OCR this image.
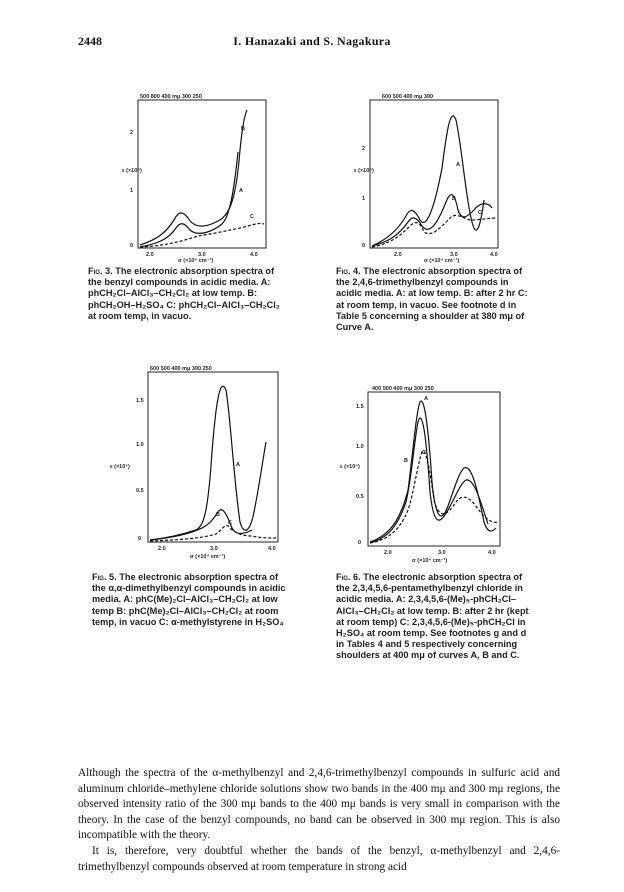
2448	I. Hanazaki and S. Nagakura
500 800 400 mμ 300 250
ε (×10⁴)
2
1
0
2.0	3.0	4.0
σ (×10⁴ cm⁻¹)
B
A
C
Fig. 3. The electronic absorption spectra of the benzyl compounds in acidic media. A: phCH₂Cl–AlCl₃–CH₂Cl₂ at low temp. B: phCH₂OH–H₂SO₄ C: phCH₂Cl–AlCl₃–CH₂Cl₂ at room temp, in vacuo.
600 500 400 mμ 300
ε (×10⁴)
2
1
0
2.0	3.0	4.0
σ (×10⁴ cm⁻¹)
A
B
C
Fig. 4. The electronic absorption spectra of the 2,4,6-trimethylbenzyl compounds in acidic media. A: at low temp. B: after 2 hr C: at room temp, in vacuo. See footnote d in Table 5 concerning a shoulder at 380 mμ of Curve A.
600 500 400 mμ 300 250
ε (×10⁴)
1.5
1.0
0.5
0
2.0	3.0	4.0
σ (×10⁴ cm⁻¹)
A
B
C
Fig. 5. The electronic absorption spectra of the α,α-dimethylbenzyl compounds in acidic media. A: phC(Me)₂Cl–AlCl₃–CH₂Cl₂ at low temp B: phC(Me)₂Cl–AlCl₃–CH₂Cl₂ at room temp, in vacuo C: α-methylstyrene in H₂SO₄
400 500 400 mμ 300 250
ε (×10⁴)
1.5
1.0
0.5
0
2.0	3.0	4.0
σ (×10⁴ cm⁻¹)
A
B
C
Fig. 6. The electronic absorption spectra of the 2,3,4,5,6-pentamethylbenzyl chloride in acidic media. A: 2,3,4,5,6-(Me)₅-phCH₂Cl–AlCl₃–CH₂Cl₂ at low temp. B: after 2 hr (kept at room temp) C: 2,3,4,5,6-(Me)₅-phCH₂Cl in H₂SO₄ at room temp. See footnotes g and d in Tables 4 and 5 respectively concerning shoulders at 400 mμ of curves A, B and C.

Although the spectra of the α-methylbenzyl and 2,4,6-trimethylbenzyl compounds in sulfuric acid and aluminum chloride–methylene chloride solutions show two bands in the 400 mμ and 300 mμ regions, the observed intensity ratio of the 300 mμ bands to the 400 mμ bands is very small in comparison with the theory. In the case of the benzyl compounds, no band can be observed in 300 mμ region. This is also incompatible with the theory.

It is, therefore, very doubtful whether the bands of the benzyl, α-methylbenzyl and 2,4,6-trimethylbenzyl compounds observed at room temperature in strong acid
